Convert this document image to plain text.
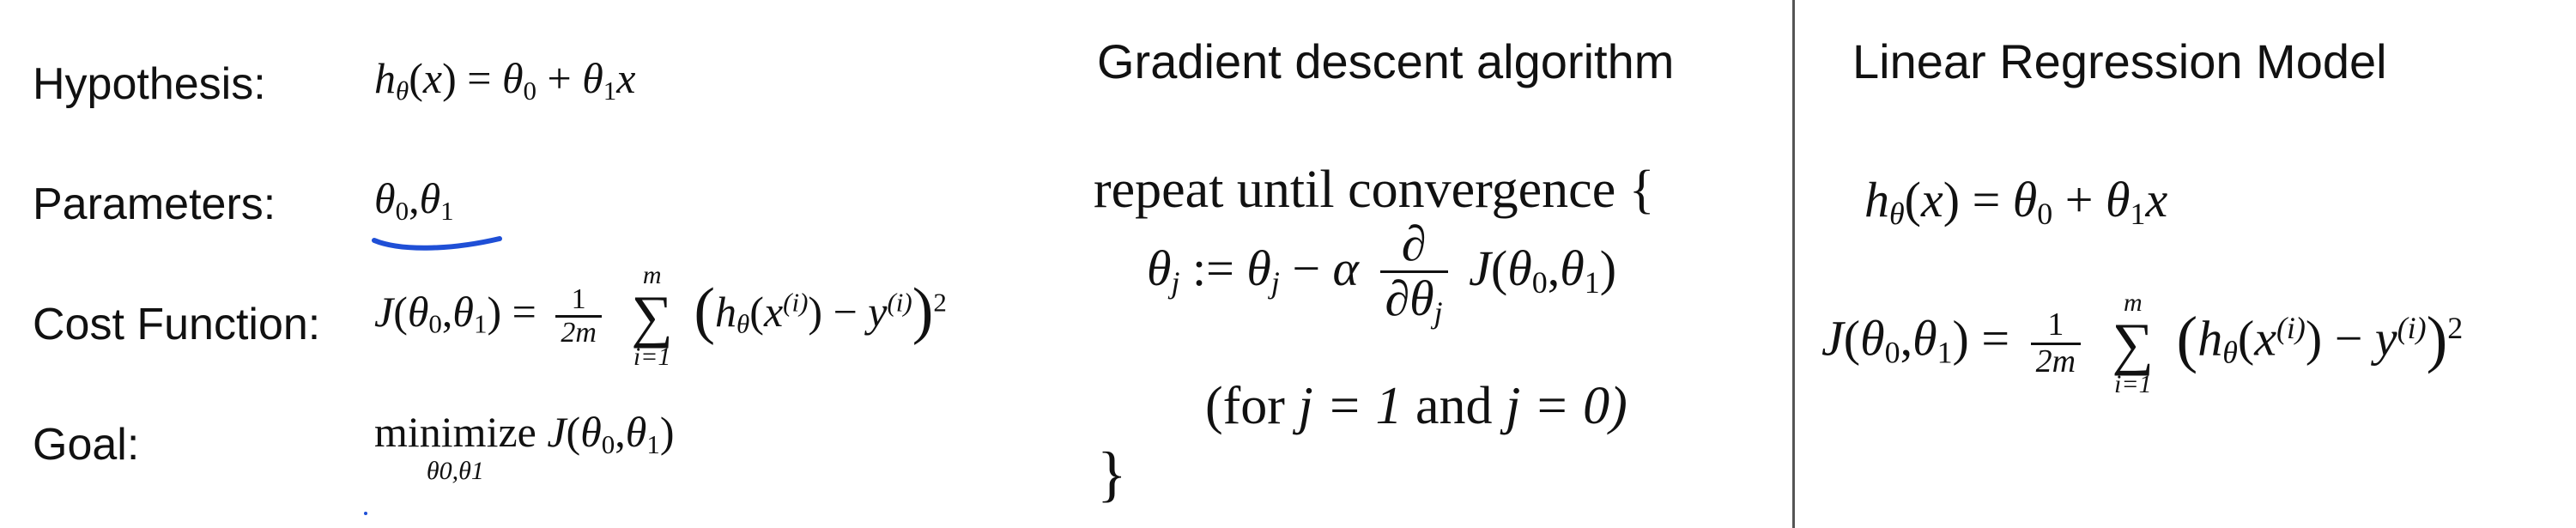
Hypothesis:	$h_\theta(x) = \theta_0 + \theta_1x$
Parameters: $\theta_0,\theta_1$
Cost Function: $J(\theta_0,\theta_1) = \frac{1}{2m}$

m
∑
i=1
$(h_\theta(x^{(i)}) - y^{(i)})^2$
Goal:	minimize
θ0,θ1
$J(\theta_0,\theta_1)$
Gradient descent algorithm
repeat until convergence {
$\theta_j$ := $\theta_j - \alpha \frac{\partial}{\partial\theta_j} J(\theta_0,\theta_1)$
(for j = 1 and j = 0)
}
Linear Regression Model
$h_\theta(x) = \theta_0 + \theta_1x$
$J(\theta_0,\theta_1) = \frac{1}{2m}$

m
∑
i=1
$(h_\theta(x^{(i)}) - y^{(i)})^2$
